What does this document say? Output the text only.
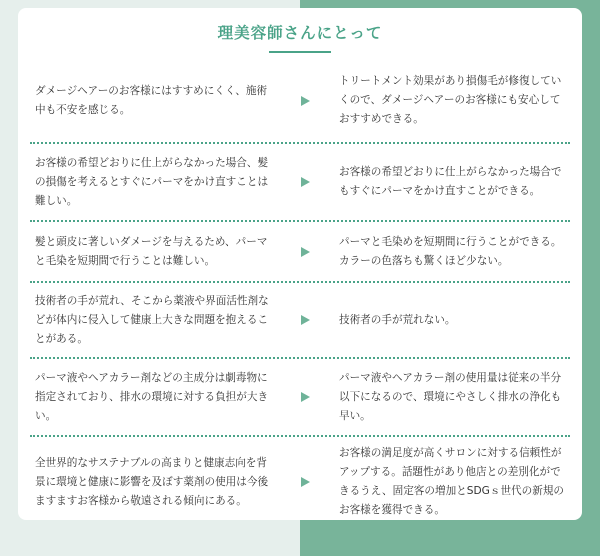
理美容師さんにとって
ダメージヘアーのお客様にはすすめにくく、施術中も不安を感じる。
トリートメント効果があり損傷毛が修復していくので、ダメージヘアーのお客様にも安心しておすすめできる。
お客様の希望どおりに仕上がらなかった場合、髪の損傷を考えるとすぐにパーマをかけ直すことは難しい。
お客様の希望どおりに仕上がらなかった場合でもすぐにパーマをかけ直すことができる。
髪と頭皮に著しいダメージを与えるため、パーマと毛染を短期間で行うことは難しい。
パーマと毛染めを短期間に行うことができる。カラーの色落ちも驚くほど少ない。
技術者の手が荒れ、そこから薬液や界面活性剤などが体内に侵入して健康上大きな問題を抱えることがある。
技術者の手が荒れない。
パーマ液やヘアカラー剤などの主成分は劇毒物に指定されており、排水の環境に対する負担が大きい。
パーマ液やヘアカラー剤の使用量は従来の半分以下になるので、環境にやさしく排水の浄化も早い。
全世界的なサステナブルの高まりと健康志向を背景に環境と健康に影響を及ぼす薬剤の使用は今後ますますお客様から敬遠される傾向にある。
お客様の満足度が高くサロンに対する信頼性がアップする。話題性があり他店との差別化ができるうえ、固定客の増加とSDGｓ世代の新規のお客様を獲得できる。
